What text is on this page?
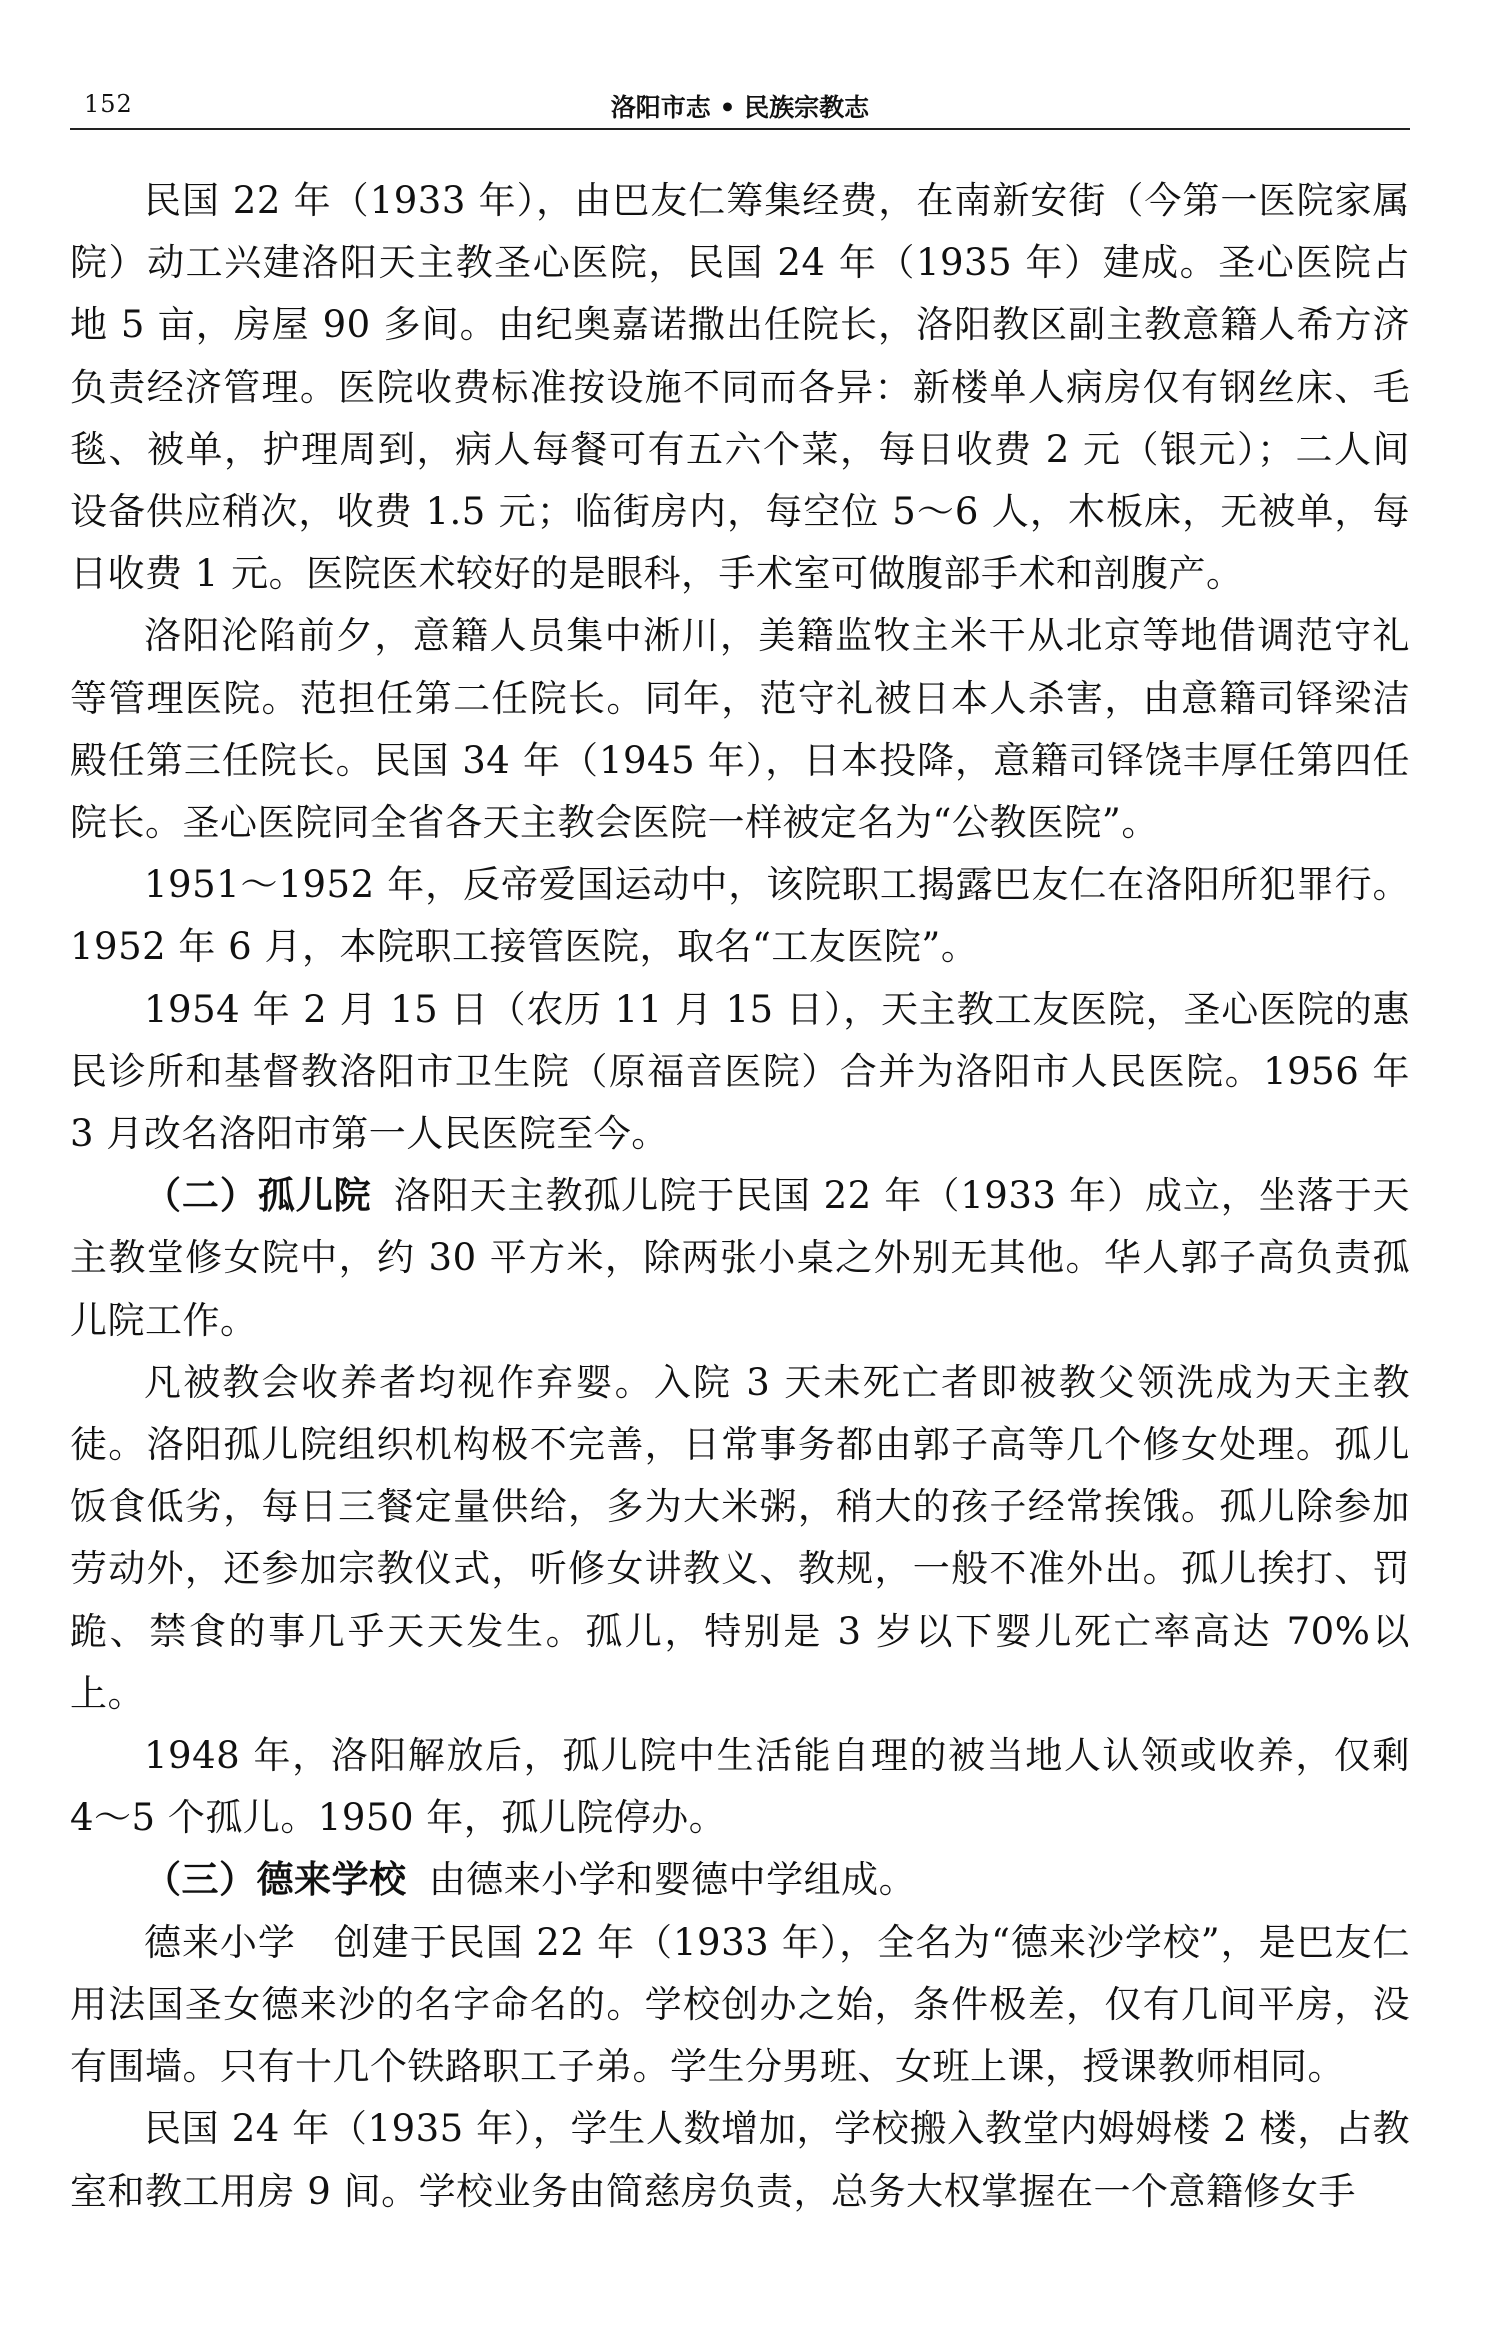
152	洛阳市志 • 民族宗教志

民国 22 年（1933 年），由巴友仁筹集经费，在南新安街（今第一医院家属院）动工兴建洛阳天主教圣心医院，民国 24 年（1935 年）建成。圣心医院占地 5 亩，房屋 90 多间。由纪奥嘉诺撒出任院长，洛阳教区副主教意籍人希方济负责经济管理。医院收费标准按设施不同而各异：新楼单人病房仅有钢丝床、毛毯、被单，护理周到，病人每餐可有五六个菜，每日收费 2 元（银元）；二人间设备供应稍次，收费 1.5 元；临街房内，每空位 5～6 人，木板床，无被单，每日收费 1 元。医院医术较好的是眼科，手术室可做腹部手术和剖腹产。

洛阳沦陷前夕，意籍人员集中淅川，美籍监牧主米干从北京等地借调范守礼等管理医院。范担任第二任院长。同年，范守礼被日本人杀害，由意籍司铎梁洁殿任第三任院长。民国 34 年（1945 年），日本投降，意籍司铎饶丰厚任第四任院长。圣心医院同全省各天主教会医院一样被定名为“公教医院”。

1951～1952 年，反帝爱国运动中，该院职工揭露巴友仁在洛阳所犯罪行。1952 年 6 月，本院职工接管医院，取名“工友医院”。

1954 年 2 月 15 日（农历 11 月 15 日），天主教工友医院，圣心医院的惠民诊所和基督教洛阳市卫生院（原福音医院）合并为洛阳市人民医院。1956 年 3 月改名洛阳市第一人民医院至今。

（二）孤儿院 洛阳天主教孤儿院于民国 22 年（1933 年）成立，坐落于天主教堂修女院中，约 30 平方米，除两张小桌之外别无其他。华人郭子高负责孤儿院工作。

凡被教会收养者均视作弃婴。入院 3 天未死亡者即被教父领洗成为天主教徒。洛阳孤儿院组织机构极不完善，日常事务都由郭子高等几个修女处理。孤儿饭食低劣，每日三餐定量供给，多为大米粥，稍大的孩子经常挨饿。孤儿除参加劳动外，还参加宗教仪式，听修女讲教义、教规，一般不准外出。孤儿挨打、罚跪、禁食的事几乎天天发生。孤儿，特别是 3 岁以下婴儿死亡率高达 70%以上。

1948 年，洛阳解放后，孤儿院中生活能自理的被当地人认领或收养，仅剩 4～5 个孤儿。1950 年，孤儿院停办。

（三）德来学校 由德来小学和婴德中学组成。

德来小学　创建于民国 22 年（1933 年），全名为“德来沙学校”，是巴友仁用法国圣女德来沙的名字命名的。学校创办之始，条件极差，仅有几间平房，没有围墙。只有十几个铁路职工子弟。学生分男班、女班上课，授课教师相同。

民国 24 年（1935 年），学生人数增加，学校搬入教堂内姆姆楼 2 楼，占教室和教工用房 9 间。学校业务由简慈房负责，总务大权掌握在一个意籍修女手
